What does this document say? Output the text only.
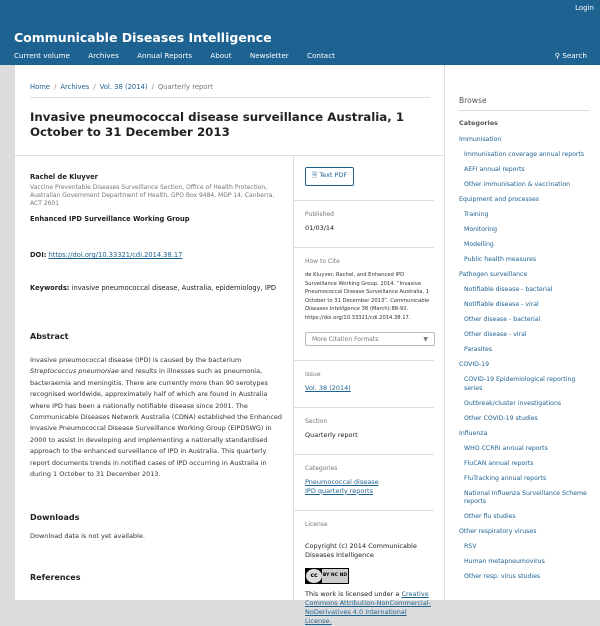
Login
Communicable Diseases Intelligence
Current volume	Archives	Annual Reports	About	Newsletter	Contact	⚲ Search
Home / Archives / Vol. 38 (2014) / Quarterly report
Invasive pneumococcal disease surveillance Australia, 1 October to 31 December 2013
Rachel de Kluyver
Vaccine Preventable Diseases Surveillance Section, Office of Health Protection, Australian Government Department of Health, GPO Box 9484, MDP 14, Canberra, ACT 2601
Enhanced IPD Surveillance Working Group
DOI: https://doi.org/10.33321/cdi.2014.38.17
Keywords: invasive pneumococcal disease, Australia, epidemiology, IPD
Abstract
Invasive pneumococcal disease (IPD) is caused by the bacterium Streptococcus pneumoniae and results in illnesses such as pneumonia, bacteraemia and meningitis. There are currently more than 90 serotypes recognised worldwide, approximately half of which are found in Australia where IPD has been a nationally notifiable disease since 2001. The Communicable Diseases Network Australia (CDNA) established the Enhanced Invasive Pneumococcal Disease Surveillance Working Group (EIPDSWG) in 2000 to assist in developing and implementing a nationally standardised approach to the enhanced surveillance of IPD in Australia. This quarterly report documents trends in notified cases of IPD occurring in Australia in during 1 October to 31 December 2013.
Downloads
Download data is not yet available.
References
🗎 Text PDF
Published
01/03/14
How to Cite
de Kluyver, Rachel, and Enhanced IPD Surveillance Working Group. 2014. “Invasive Pneumococcal Disease Surveillance Australia, 1 October to 31 December 2013”. Communicable Diseases Intelligence 38 (March):88-92. https://doi.org/10.33321/cdi.2014.38.17.
More Citation Formats	▼
Issue
Vol. 38 (2014)
Section
Quarterly report
Categories
Pneumococcal disease
IPD quarterly reports
License
Copyright (c) 2014 Communicable Diseases Intelligence
cc	BY NC ND
This work is licensed under a Creative Commons Attribution-NonCommercial-NoDerivatives 4.0 International License.
Browse
Categories
Immunisation
Immunisation coverage annual reports
AEFI annual reports
Other immunisation & vaccination
Equipment and processes
Training
Monitoring
Modelling
Public health measures
Pathogen surveillance
Notifiable disease - bacterial
Notifiable disease - viral
Other disease - bacterial
Other disease - viral
Parasites
COVID-19
COVID-19 Epidemiological reporting series
Outbreak/cluster investigations
Other COVID-19 studies
Influenza
WHO CCRRI annual reports
FluCAN annual reports
FluTracking annual reports
National Influenza Surveillance Scheme reports
Other flu studies
Other respiratory viruses
RSV
Human metapneumovirus
Other resp. virus studies
